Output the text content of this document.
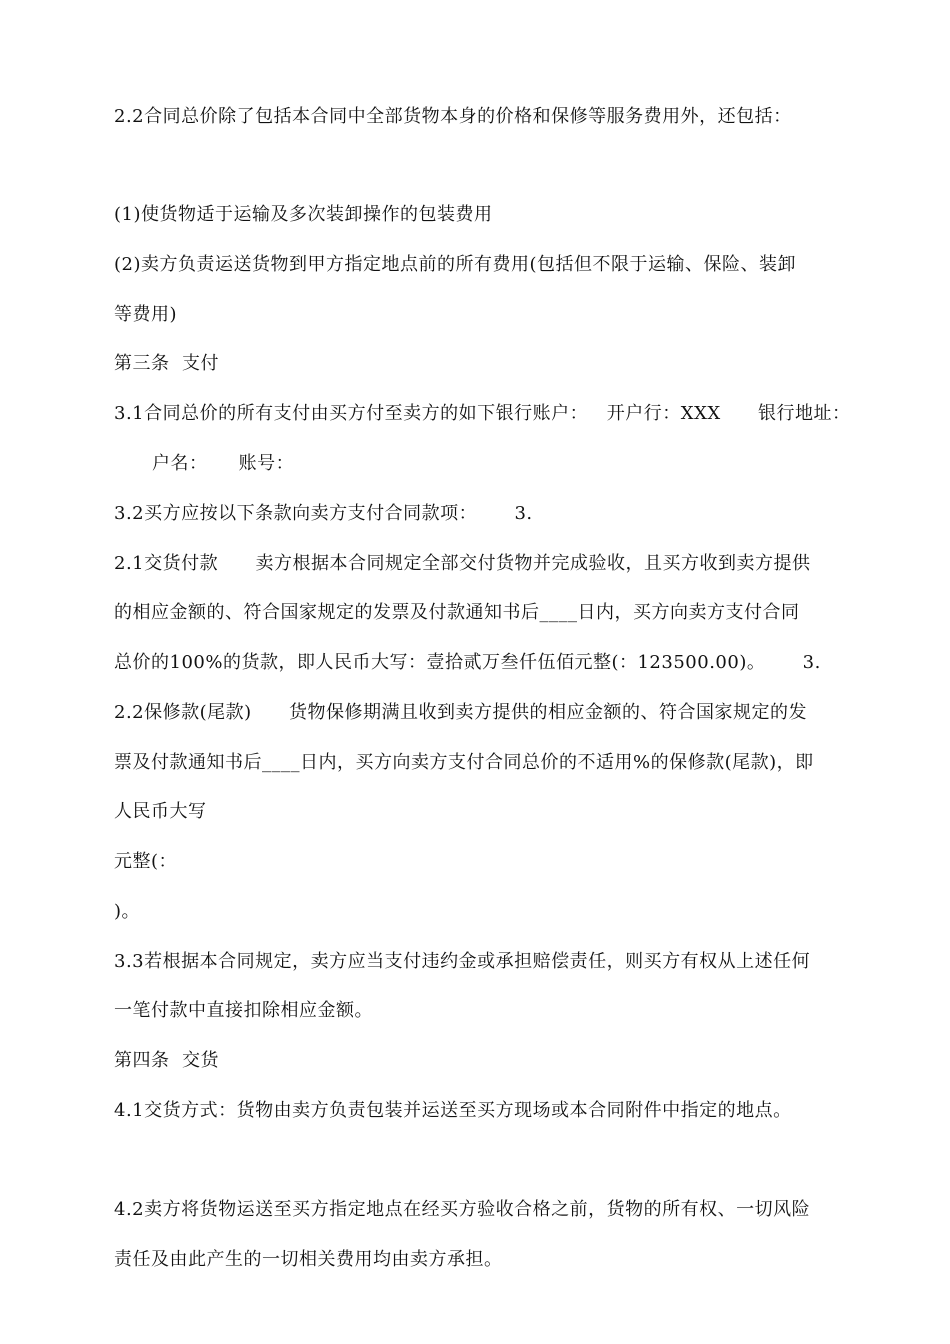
2.2合同总价除了包括本合同中全部货物本身的价格和保修等服务费用外，还包括：
(1)使货物适于运输及多次装卸操作的包装费用
(2)卖方负责运送货物到甲方指定地点前的所有费用(包括但不限于运输、保险、装卸
等费用)
第三条  支付
3.1合同总价的所有支付由买方付至卖方的如下银行账户：   开户行：XXX      银行地址：
户名：     账号：
3.2买方应按以下条款向卖方支付合同款项：      3.
2.1交货付款      卖方根据本合同规定全部交付货物并完成验收，且买方收到卖方提供
的相应金额的、符合国家规定的发票及付款通知书后____日内，买方向卖方支付合同
总价的100%的货款，即人民币大写：壹拾贰万叁仟伍佰元整(：123500.00)。      3.
2.2保修款(尾款)      货物保修期满且收到卖方提供的相应金额的、符合国家规定的发
票及付款通知书后____日内，买方向卖方支付合同总价的不适用%的保修款(尾款)，即
人民币大写
元整(：
)。
3.3若根据本合同规定，卖方应当支付违约金或承担赔偿责任，则买方有权从上述任何
一笔付款中直接扣除相应金额。
第四条  交货
4.1交货方式：货物由卖方负责包装并运送至买方现场或本合同附件中指定的地点。
4.2卖方将货物运送至买方指定地点在经买方验收合格之前，货物的所有权、一切风险
责任及由此产生的一切相关费用均由卖方承担。
